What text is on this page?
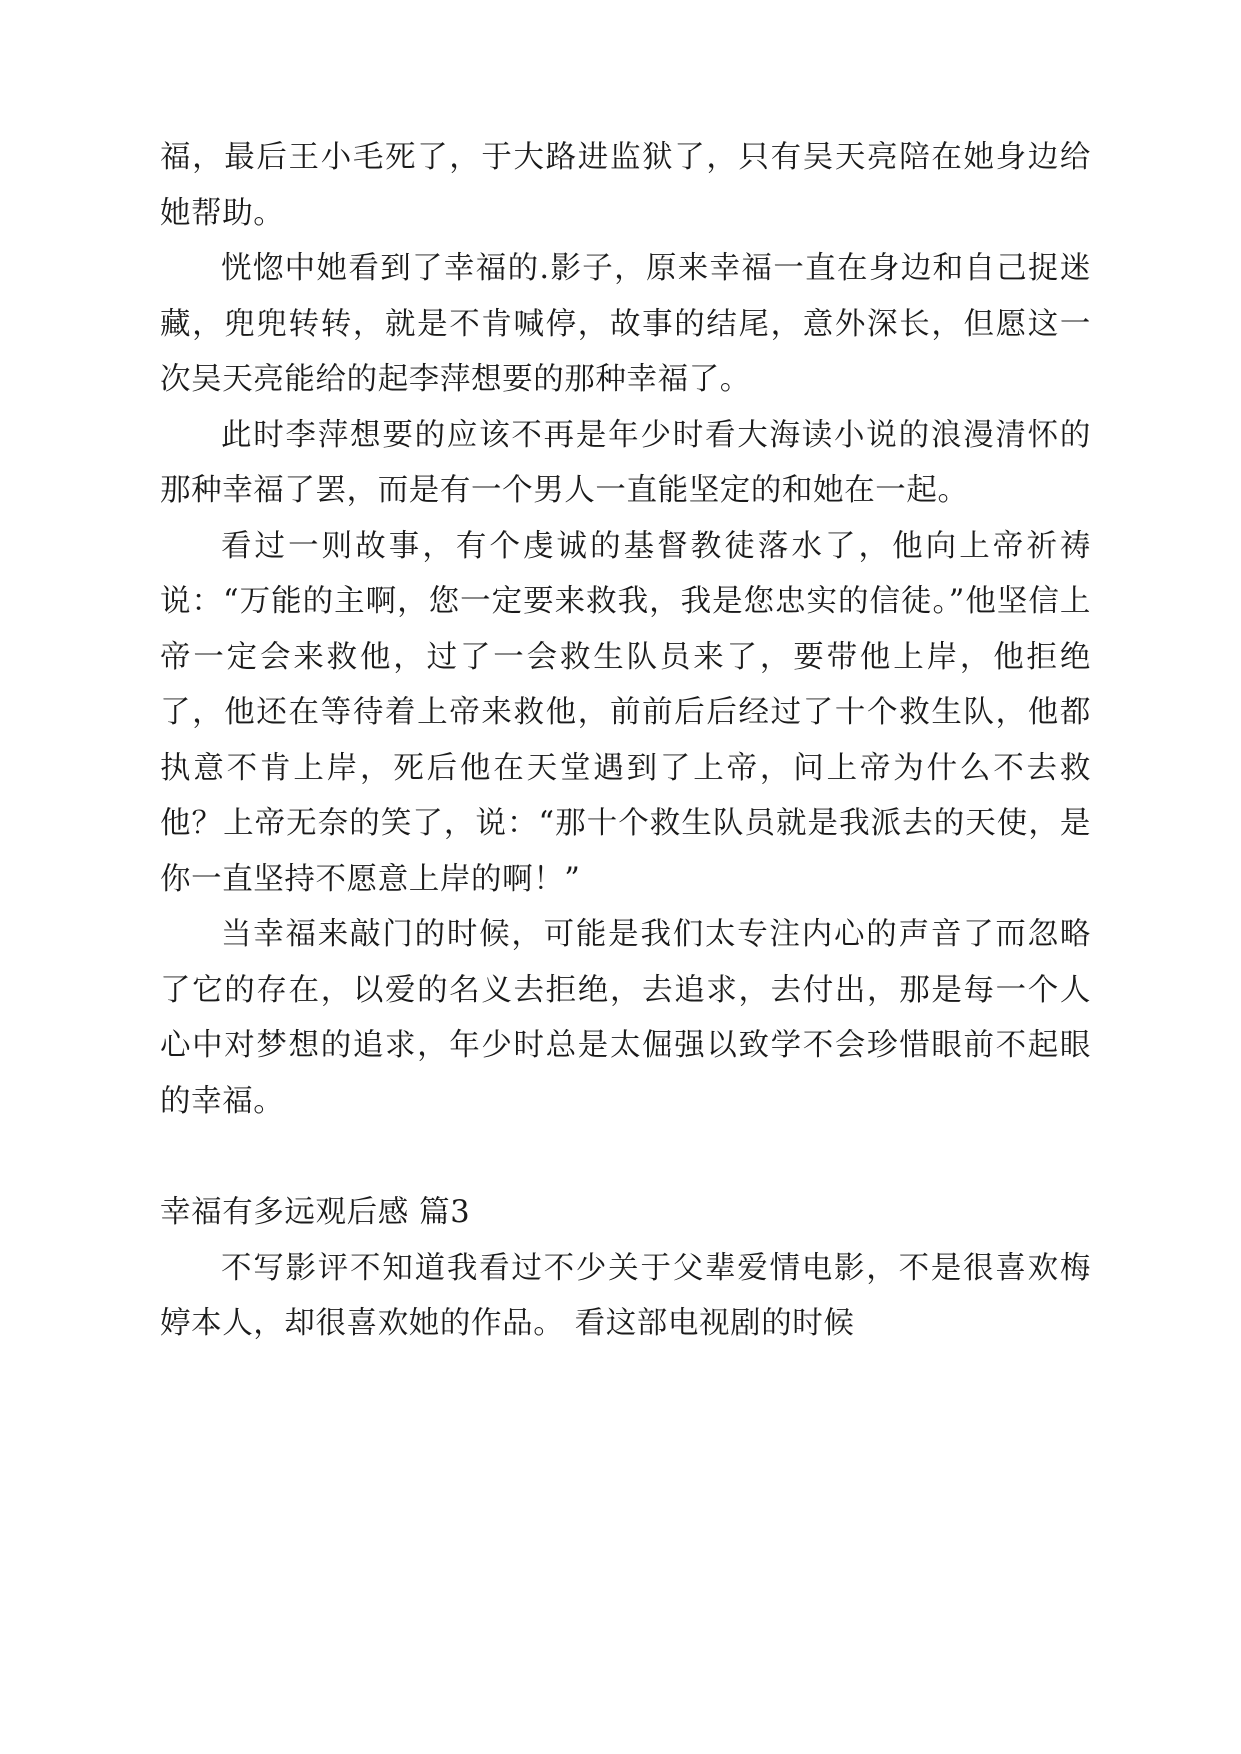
福，最后王小毛死了，于大路进监狱了，只有吴天亮陪在她身边给她帮助。

恍惚中她看到了幸福的.影子，原来幸福一直在身边和自己捉迷藏，兜兜转转，就是不肯喊停，故事的结尾，意外深长，但愿这一次吴天亮能给的起李萍想要的那种幸福了。

此时李萍想要的应该不再是年少时看大海读小说的浪漫清怀的那种幸福了罢，而是有一个男人一直能坚定的和她在一起。

看过一则故事，有个虔诚的基督教徒落水了，他向上帝祈祷说：“万能的主啊，您一定要来救我，我是您忠实的信徒。”他坚信上帝一定会来救他，过了一会救生队员来了，要带他上岸，他拒绝了，他还在等待着上帝来救他，前前后后经过了十个救生队，他都执意不肯上岸，死后他在天堂遇到了上帝，问上帝为什么不去救他？上帝无奈的笑了，说：“那十个救生队员就是我派去的天使，是你一直坚持不愿意上岸的啊！”

当幸福来敲门的时候，可能是我们太专注内心的声音了而忽略了它的存在，以爱的名义去拒绝，去追求，去付出，那是每一个人心中对梦想的追求，年少时总是太倔强以致学不会珍惜眼前不起眼的幸福。

幸福有多远观后感 篇3

不写影评不知道我看过不少关于父辈爱情电影，不是很喜欢梅婷本人，却很喜欢她的作品。 看这部电视剧的时候
